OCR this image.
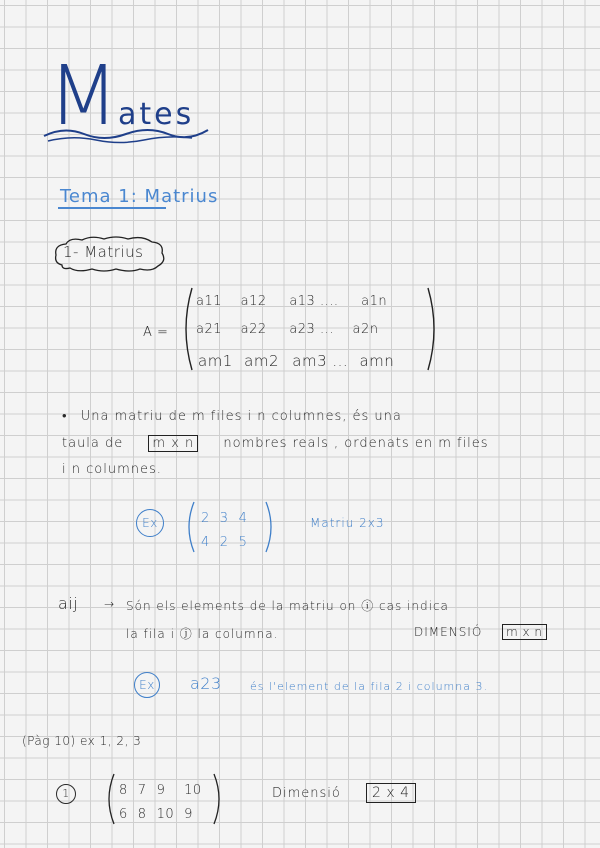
M ates
Tema 1: Matrius
1- Matrius
A =
a11 a12 a13 .... a1n
a21 a22 a23 ... a2n
am1 am2 am3 ... amn
• Una matriu de m files i n columnes, és una
taula de m x n nombres reals , ordenats en m files
i n columnes.
Ex	2	3	4
4	2	5
Matriu 2x3
aij → Són els elements de la matriu on ⓘ cas indica
la fila i ⓙ la columna.	DIMENSIÓ	m x n
Ex	a23	és l'element de la fila 2 i columna 3.
(Pàg 10) ex 1, 2, 3
1	8	7	9	10
6	8	10	9
Dimensió	2 x 4
